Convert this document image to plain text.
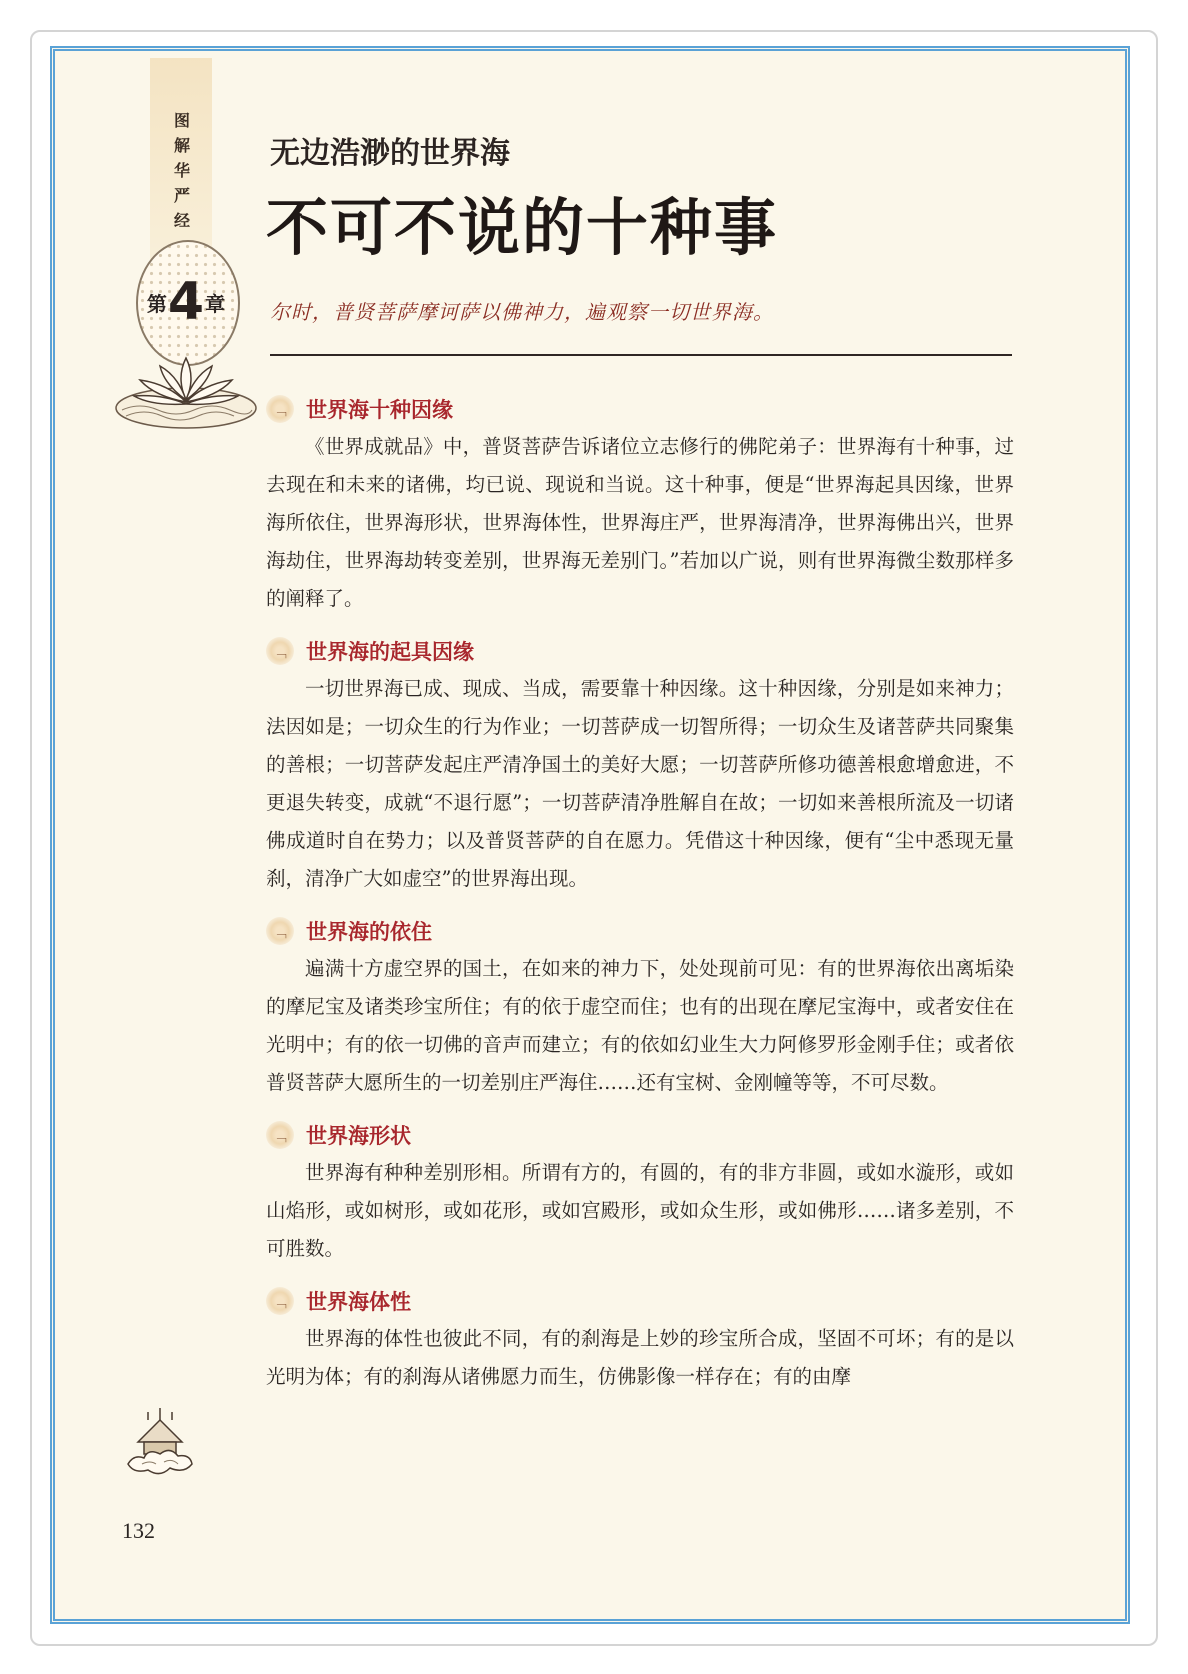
图解华严经
第 4 章
无边浩渺的世界海
不可不说的十种事

尔时，普贤菩萨摩诃萨以佛神力，遍观察一切世界海。

﹁ 世界海十种因缘

《世界成就品》中，普贤菩萨告诉诸位立志修行的佛陀弟子：世界海有十种事，过去现在和未来的诸佛，均已说、现说和当说。这十种事，便是“世界海起具因缘，世界海所依住，世界海形状，世界海体性，世界海庄严，世界海清净，世界海佛出兴，世界海劫住，世界海劫转变差别，世界海无差别门。”若加以广说，则有世界海微尘数那样多的阐释了。

﹁ 世界海的起具因缘

一切世界海已成、现成、当成，需要靠十种因缘。这十种因缘，分别是如来神力；法因如是；一切众生的行为作业；一切菩萨成一切智所得；一切众生及诸菩萨共同聚集的善根；一切菩萨发起庄严清净国土的美好大愿；一切菩萨所修功德善根愈增愈进，不更退失转变，成就“不退行愿”；一切菩萨清净胜解自在故；一切如来善根所流及一切诸佛成道时自在势力；以及普贤菩萨的自在愿力。凭借这十种因缘，便有“尘中悉现无量刹，清净广大如虚空”的世界海出现。

﹁ 世界海的依住

遍满十方虚空界的国土，在如来的神力下，处处现前可见：有的世界海依出离垢染的摩尼宝及诸类珍宝所住；有的依于虚空而住；也有的出现在摩尼宝海中，或者安住在光明中；有的依一切佛的音声而建立；有的依如幻业生大力阿修罗形金刚手住；或者依普贤菩萨大愿所生的一切差别庄严海住……还有宝树、金刚幢等等，不可尽数。

﹁ 世界海形状

世界海有种种差别形相。所谓有方的，有圆的，有的非方非圆，或如水漩形，或如山焰形，或如树形，或如花形，或如宫殿形，或如众生形，或如佛形……诸多差别，不可胜数。

﹁ 世界海体性

世界海的体性也彼此不同，有的刹海是上妙的珍宝所合成，坚固不可坏；有的是以光明为体；有的刹海从诸佛愿力而生，仿佛影像一样存在；有的由摩

132
